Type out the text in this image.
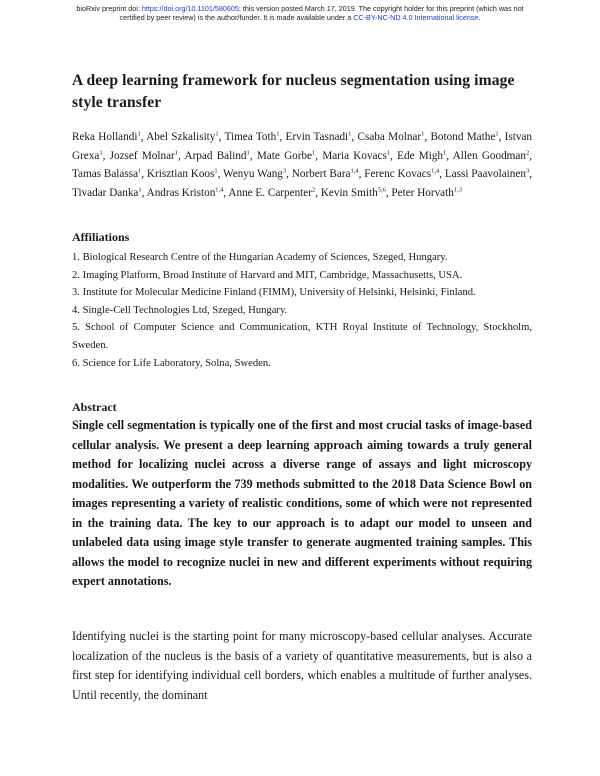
bioRxiv preprint doi: https://doi.org/10.1101/580605; this version posted March 17, 2019. The copyright holder for this preprint (which was not
certified by peer review) is the author/funder. It is made available under a CC-BY-NC-ND 4.0 International license.
A deep learning framework for nucleus segmentation using image style transfer
Reka Hollandi$^1$, Abel Szkalisity$^1$, Timea Toth$^1$, Ervin Tasnadi$^1$, Csaba Molnar$^1$, Botond Mathe$^1$, Istvan Grexa$^1$, Jozsef Molnar$^1$, Arpad Balind$^1$, Mate Gorbe$^1$, Maria Kovacs$^1$, Ede Migh$^1$, Allen Goodman$^2$, Tamas Balassa$^1$, Krisztian Koos$^1$, Wenyu Wang$^3$, Norbert Bara$^{1,4}$, Ferenc Kovacs$^{1,4}$, Lassi Paavolainen$^3$, Tivadar Danka$^1$, Andras Kriston$^{1,4}$, Anne E. Carpenter$^2$, Kevin Smith$^{5,6}$, Peter Horvath$^{1,3}$
Affiliations
1. Biological Research Centre of the Hungarian Academy of Sciences, Szeged, Hungary.
2. Imaging Platform, Broad Institute of Harvard and MIT, Cambridge, Massachusetts, USA.
3. Institute for Molecular Medicine Finland (FIMM), University of Helsinki, Helsinki, Finland.
4. Single-Cell Technologies Ltd, Szeged, Hungary.
5. School of Computer Science and Communication, KTH Royal Institute of Technology, Stockholm, Sweden.
6. Science for Life Laboratory, Solna, Sweden.
Abstract
Single cell segmentation is typically one of the first and most crucial tasks of image-based cellular analysis. We present a deep learning approach aiming towards a truly general method for localizing nuclei across a diverse range of assays and light microscopy modalities. We outperform the 739 methods submitted to the 2018 Data Science Bowl on images representing a variety of realistic conditions, some of which were not represented in the training data. The key to our approach is to adapt our model to unseen and unlabeled data using image style transfer to generate augmented training samples. This allows the model to recognize nuclei in new and different experiments without requiring expert annotations.
Identifying nuclei is the starting point for many microscopy-based cellular analyses. Accurate localization of the nucleus is the basis of a variety of quantitative measurements, but is also a first step for identifying individual cell borders, which enables a multitude of further analyses. Until recently, the dominant
